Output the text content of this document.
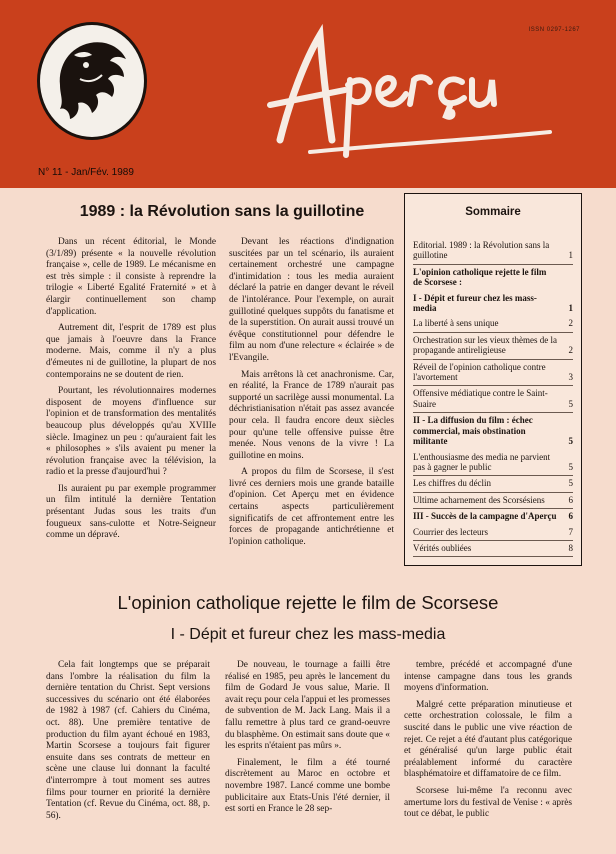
ISSN 0297-1267
Aperçu
N° 11 - Jan/Fév. 1989
1989 : la Révolution sans la guillotine

Dans un récent éditorial, le Monde (3/1/89) présente « la nouvelle révolution française », celle de 1989. Le mécanisme en est très simple : il consiste à reprendre la trilogie « Liberté Egalité Fraternité » et à élargir continuellement son champ d'application.

Autrement dit, l'esprit de 1789 est plus que jamais à l'oeuvre dans la France moderne. Mais, comme il n'y a plus d'émeutes ni de guillotine, la plupart de nos contemporains ne se doutent de rien.

Pourtant, les révolutionnaires modernes disposent de moyens d'influence sur l'opinion et de transformation des mentalités beaucoup plus développés qu'au XVIIIe siècle. Imaginez un peu : qu'auraient fait les « philosophes » s'ils avaient pu mener la révolution française avec la télévision, la radio et la presse d'aujourd'hui ?

Ils auraient pu par exemple programmer un film intitulé la dernière Tentation présentant Judas sous les traits d'un fougueux sans-culotte et Notre-Seigneur comme un dépravé.

Devant les réactions d'indignation suscitées par un tel scénario, ils auraient certainement orchestré une campagne d'intimidation : tous les media auraient déclaré la patrie en danger devant le réveil de l'intolérance. Pour l'exemple, on aurait guillotiné quelques suppôts du fanatisme et de la superstition. On aurait aussi trouvé un évêque constitutionnel pour défendre le film au nom d'une relecture « éclairée » de l'Evangile.

Mais arrêtons là cet anachronisme. Car, en réalité, la France de 1789 n'aurait pas supporté un sacrilège aussi monumental. La déchristianisation n'était pas assez avancée pour cela. Il faudra encore deux siècles pour qu'une telle offensive puisse être menée. Nous venons de la vivre ! La guillotine en moins.

A propos du film de Scorsese, il s'est livré ces derniers mois une grande bataille d'opinion. Cet Aperçu met en évidence certains aspects particulièrement significatifs de cet affrontement entre les forces de propagande antichrétienne et l'opinion catholique.

Sommaire
Editorial. 1989 : la Révolution sans la guillotine	1
L'opinion catholique rejette le film de Scorsese :
I - Dépit et fureur chez les mass-media	1
La liberté à sens unique	2
Orchestration sur les vieux thèmes de la propagande antireligieuse	2
Réveil de l'opinion catholique contre l'avortement	3
Offensive médiatique contre le Saint-Suaire	5
II - La diffusion du film : échec commercial, mais obstination militante	5
L'enthousiasme des media ne parvient pas à gagner le public	5
Les chiffres du déclin	5
Ultime acharnement des Scorsésiens	6
III - Succès de la campagne d'Aperçu	6
Courrier des lecteurs	7
Vérités oubliées	8
L'opinion catholique rejette le film de Scorsese
I - Dépit et fureur chez les mass-media

Cela fait longtemps que se préparait dans l'ombre la réalisation du film la dernière tentation du Christ. Sept versions successives du scénario ont été élaborées de 1982 à 1987 (cf. Cahiers du Cinéma, oct. 88). Une première tentative de production du film ayant échoué en 1983, Martin Scorsese a toujours fait figurer ensuite dans ses contrats de metteur en scène une clause lui donnant la faculté d'interrompre à tout moment ses autres films pour tourner en priorité la dernière Tentation (cf. Revue du Cinéma, oct. 88, p. 56).

De nouveau, le tournage a failli être réalisé en 1985, peu après le lancement du film de Godard Je vous salue, Marie. Il avait reçu pour cela l'appui et les promesses de subvention de M. Jack Lang. Mais il a fallu remettre à plus tard ce grand-oeuvre du blasphème. On estimait sans doute que « les esprits n'étaient pas mûrs ».

Finalement, le film a été tourné discrètement au Maroc en octobre et novembre 1987. Lancé comme une bombe publicitaire aux Etats-Unis l'été dernier, il est sorti en France le 28 sep-

tembre, précédé et accompagné d'une intense campagne dans tous les grands moyens d'information.

Malgré cette préparation minutieuse et cette orchestration colossale, le film a suscité dans le public une vive réaction de rejet. Ce rejet a été d'autant plus catégorique et généralisé qu'un large public était préalablement informé du caractère blasphématoire et diffamatoire de ce film.

Scorsese lui-même l'a reconnu avec amertume lors du festival de Venise : « après tout ce débat, le public
